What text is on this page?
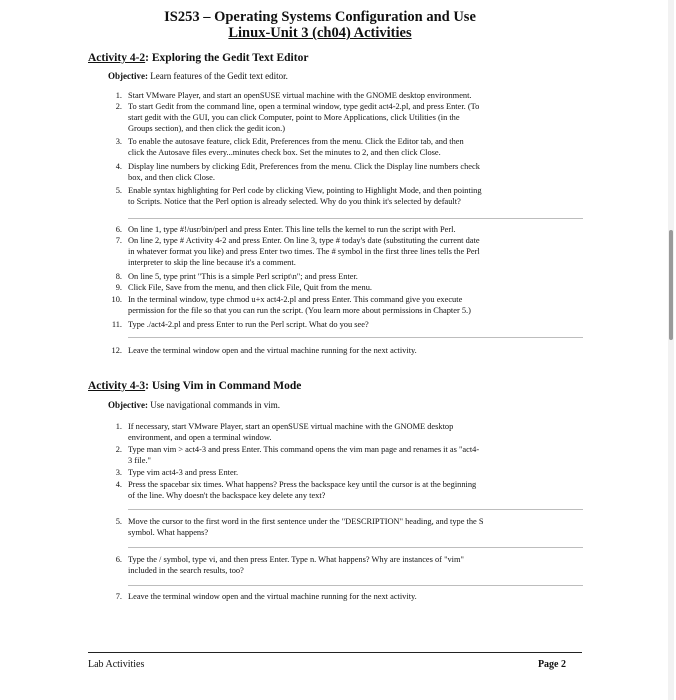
IS253 – Operating Systems Configuration and Use
Linux-Unit 3 (ch04) Activities
Activity 4-2: Exploring the Gedit Text Editor
Objective: Learn features of the Gedit text editor.
1. Start VMware Player, and start an openSUSE virtual machine with the GNOME desktop environment.
2. To start Gedit from the command line, open a terminal window, type gedit act4-2.pl, and press Enter. (To
start gedit with the GUI, you can click Computer, point to More Applications, click Utilities (in the
Groups section), and then click the gedit icon.)
3. To enable the autosave feature, click Edit, Preferences from the menu. Click the Editor tab, and then
click the Autosave files every...minutes check box. Set the minutes to 2, and then click Close.
4. Display line numbers by clicking Edit, Preferences from the menu. Click the Display line numbers check
box, and then click Close.
5. Enable syntax highlighting for Perl code by clicking View, pointing to Highlight Mode, and then pointing
to Scripts. Notice that the Perl option is already selected. Why do you think it's selected by default?
6. On line 1, type #!/usr/bin/perl and press Enter. This line tells the kernel to run the script with Perl.
7. On line 2, type # Activity 4-2 and press Enter. On line 3, type # today's date (substituting the current date
in whatever format you like) and press Enter two times. The # symbol in the first three lines tells the Perl
interpreter to skip the line because it's a comment.
8. On line 5, type print "This is a simple Perl script\n"; and press Enter.
9. Click File, Save from the menu, and then click File, Quit from the menu.
10. In the terminal window, type chmod u+x act4-2.pl and press Enter. This command give you execute
permission for the file so that you can run the script. (You learn more about permissions in Chapter 5.)
11. Type ./act4-2.pl and press Enter to run the Perl script. What do you see?
12. Leave the terminal window open and the virtual machine running for the next activity.
Activity 4-3: Using Vim in Command Mode
Objective: Use navigational commands in vim.
1. If necessary, start VMware Player, start an openSUSE virtual machine with the GNOME desktop
environment, and open a terminal window.
2. Type man vim > act4-3 and press Enter. This command opens the vim man page and renames it as "act4-
3 file."
3. Type vim act4-3 and press Enter.
4. Press the spacebar six times. What happens? Press the backspace key until the cursor is at the beginning
of the line. Why doesn't the backspace key delete any text?
5. Move the cursor to the first word in the first sentence under the "DESCRIPTION" heading, and type the S
symbol. What happens?
6. Type the / symbol, type vi, and then press Enter. Type n. What happens? Why are instances of "vim"
included in the search results, too?
7. Leave the terminal window open and the virtual machine running for the next activity.
Lab Activities	Page 2
